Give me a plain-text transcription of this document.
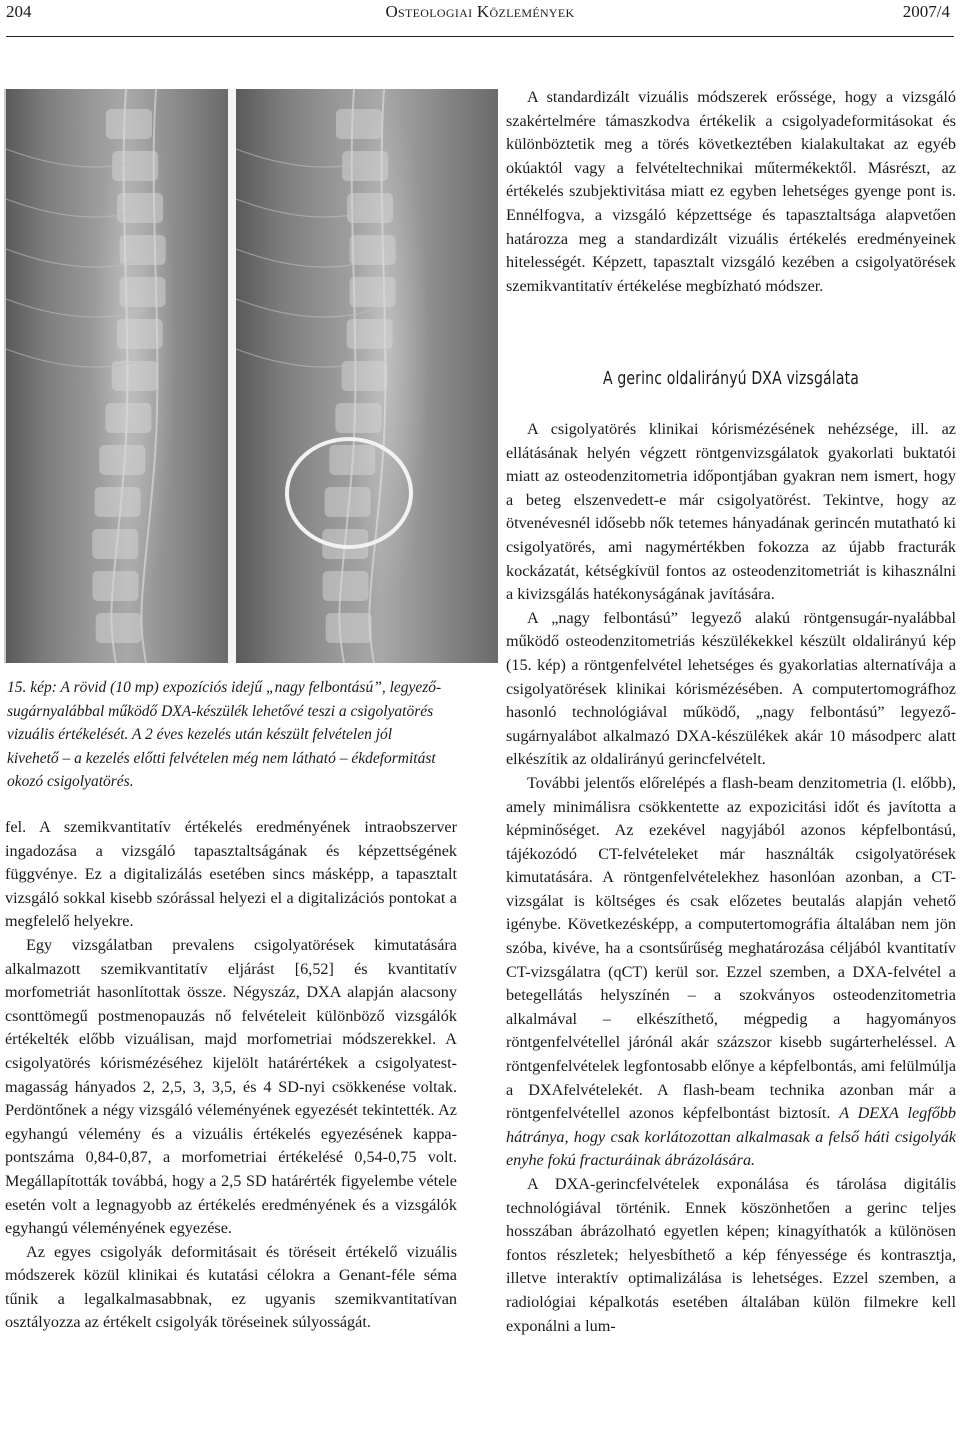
204	Osteologiai Közlemények	2007/4
15. kép: A rövid (10 mp) expozíciós idejű „nagy felbontású”, legyező-sugárnyalábbal működő DXA-készülék lehetővé teszi a csigolyatörés vizuális értékelését. A 2 éves kezelés után készült felvételen jól kivehető – a kezelés előtti felvételen még nem látható – ékdeformitást okozó csigolyatörés.

A standardizált vizuális módszerek erőssége, hogy a vizsgáló szakértelmére támaszkodva értékelik a csigolyadeformitásokat és különböztetik meg a törés következtében kialakultakat az egyéb okúaktól vagy a felvételtechnikai műtermékektől. Másrészt, az értékelés szubjektivitása miatt ez egyben lehetséges gyenge pont is. Ennélfogva, a vizsgáló képzettsége és tapasztaltsága alapvetően határozza meg a standardizált vizuális értékelés eredményeinek hitelességét. Képzett, tapasztalt vizsgáló kezében a csigolyatörések szemikvantitatív értékelése megbízható módszer.

A gerinc oldalirányú DXA vizsgálata

A csigolyatörés klinikai kórismézésének nehézsége, ill. az ellátásának helyén végzett röntgenvizsgálatok gyakorlati buktatói miatt az osteodenzitometria időpontjában gyakran nem ismert, hogy a beteg elszenvedett-e már csigolyatörést. Tekintve, hogy az ötvenévesnél idősebb nők tetemes hányadának gerincén mutatható ki csigolyatörés, ami nagymértékben fokozza az újabb fracturák kockázatát, kétségkívül fontos az osteodenzitometriát is kihasználni a kivizsgálás hatékonyságának javítására.

A „nagy felbontású” legyező alakú röntgensugár-nyalábbal működő osteodenzitometriás készülékekkel készült oldalirányú kép (15. kép) a röntgenfelvétel lehetséges és gyakorlatias alternatívája a csigolyatörések klinikai kórismézésében. A computertomográfhoz hasonló technológiával működő, „nagy felbontású” legyező-sugárnyalábot alkalmazó DXA-készülékek akár 10 másodperc alatt elkészítik az oldalirányú gerincfelvételt.

További jelentős előrelépés a flash-beam denzitometria (l. előbb), amely minimálisra csökkentette az expozicitási időt és javította a képminőséget. Az ezekével nagyjából azonos képfelbontású, tájékozódó CT-felvételeket már használták csigolyatörések kimutatására. A röntgenfelvételekhez hasonlóan azonban, a CT-vizsgálat is költséges és csak előzetes beutalás alapján vehető igénybe. Következésképp, a computertomográfia általában nem jön szóba, kivéve, ha a csontsűrűség meghatározása céljából kvantitatív CT-vizsgálatra (qCT) kerül sor. Ezzel szemben, a DXA-felvétel a betegellátás helyszínén – a szokványos osteodenzitometria alkalmával – elkészíthető, mégpedig a hagyományos röntgenfelvétellel járónál akár százszor kisebb sugárterheléssel. A röntgenfelvételek legfontosabb előnye a képfelbontás, ami felülmúlja a DXAfelvételekét. A flash-beam technika azonban már a röntgenfelvétellel azonos képfelbontást biztosít. A DEXA legfőbb hátránya, hogy csak korlátozottan alkalmasak a felső háti csigolyák enyhe fokú fracturáinak ábrázolására.

A DXA-gerincfelvételek exponálása és tárolása digitális technológiával történik. Ennek köszönhetően a gerinc teljes hosszában ábrázolható egyetlen képen; kinagyíthatók a különösen fontos részletek; helyesbíthető a kép fényessége és kontrasztja, illetve interaktív optimalizálása is lehetséges. Ezzel szemben, a radiológiai képalkotás esetében általában külön filmekre kell exponálni a lum-

fel. A szemikvantitatív értékelés eredményének intraobszerver ingadozása a vizsgáló tapasztaltságának és képzettségének függvénye. Ez a digitalizálás esetében sincs másképp, a tapasztalt vizsgáló sokkal kisebb szórással helyezi el a digitalizációs pontokat a megfelelő helyekre.

Egy vizsgálatban prevalens csigolyatörések kimutatására alkalmazott szemikvantitatív eljárást [6,52] és kvantitatív morfometriát hasonlítottak össze. Négyszáz, DXA alapján alacsony csonttömegű postmenopauzás nő felvételeit különböző vizsgálók értékelték előbb vizuálisan, majd morfometriai módszerekkel. A csigolyatörés kórismézéséhez kijelölt határértékek a csigolyatest-magasság hányados 2, 2,5, 3, 3,5, és 4 SD-nyi csökkenése voltak. Perdöntőnek a négy vizsgáló véleményének egyezését tekintették. Az egyhangú vélemény és a vizuális értékelés egyezésének kappa-pontszáma 0,84-0,87, a morfometriai értékelésé 0,54-0,75 volt. Megállapították továbbá, hogy a 2,5 SD határérték figyelembe vétele esetén volt a legnagyobb az értékelés eredményének és a vizsgálók egyhangú véleményének egyezése.

Az egyes csigolyák deformitásait és töréseit értékelő vizuális módszerek közül klinikai és kutatási célokra a Genant-féle séma tűnik a legalkalmasabbnak, ez ugyanis szemikvantitatívan osztályozza az értékelt csigolyák töréseinek súlyosságát.
